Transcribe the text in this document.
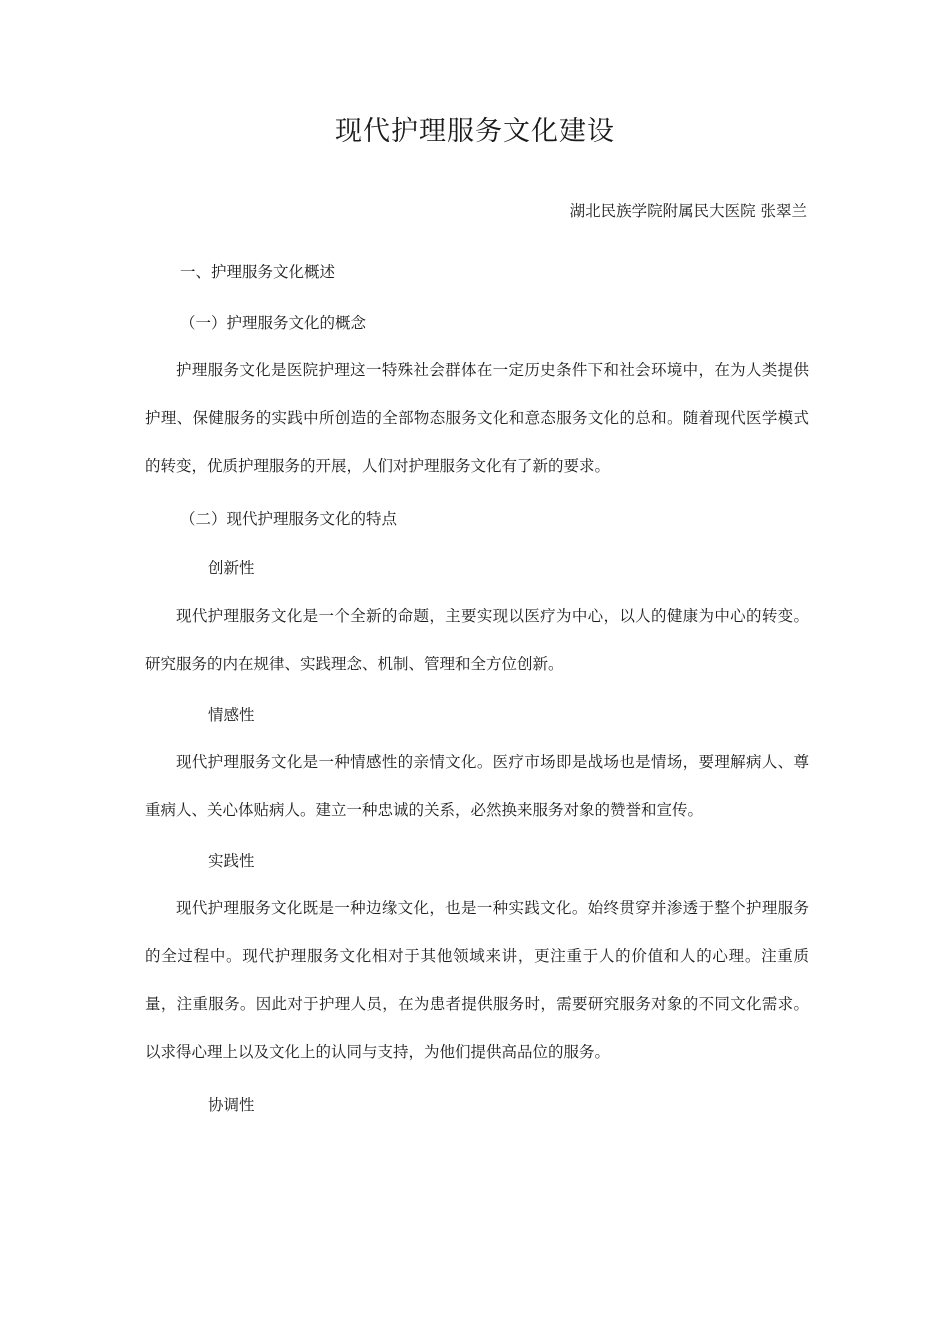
现代护理服务文化建设
湖北民族学院附属民大医院 张翠兰
一、护理服务文化概述
（一）护理服务文化的概念

护理服务文化是医院护理这一特殊社会群体在一定历史条件下和社会环境中，在为人类提供护理、保健服务的实践中所创造的全部物态服务文化和意态服务文化的总和。随着现代医学模式的转变，优质护理服务的开展，人们对护理服务文化有了新的要求。

（二）现代护理服务文化的特点
创新性

现代护理服务文化是一个全新的命题，主要实现以医疗为中心，以人的健康为中心的转变。研究服务的内在规律、实践理念、机制、管理和全方位创新。

情感性

现代护理服务文化是一种情感性的亲情文化。医疗市场即是战场也是情场，要理解病人、尊重病人、关心体贴病人。建立一种忠诚的关系，必然换来服务对象的赞誉和宣传。

实践性

现代护理服务文化既是一种边缘文化，也是一种实践文化。始终贯穿并渗透于整个护理服务的全过程中。现代护理服务文化相对于其他领域来讲，更注重于人的价值和人的心理。注重质量，注重服务。因此对于护理人员，在为患者提供服务时，需要研究服务对象的不同文化需求。以求得心理上以及文化上的认同与支持，为他们提供高品位的服务。

协调性
